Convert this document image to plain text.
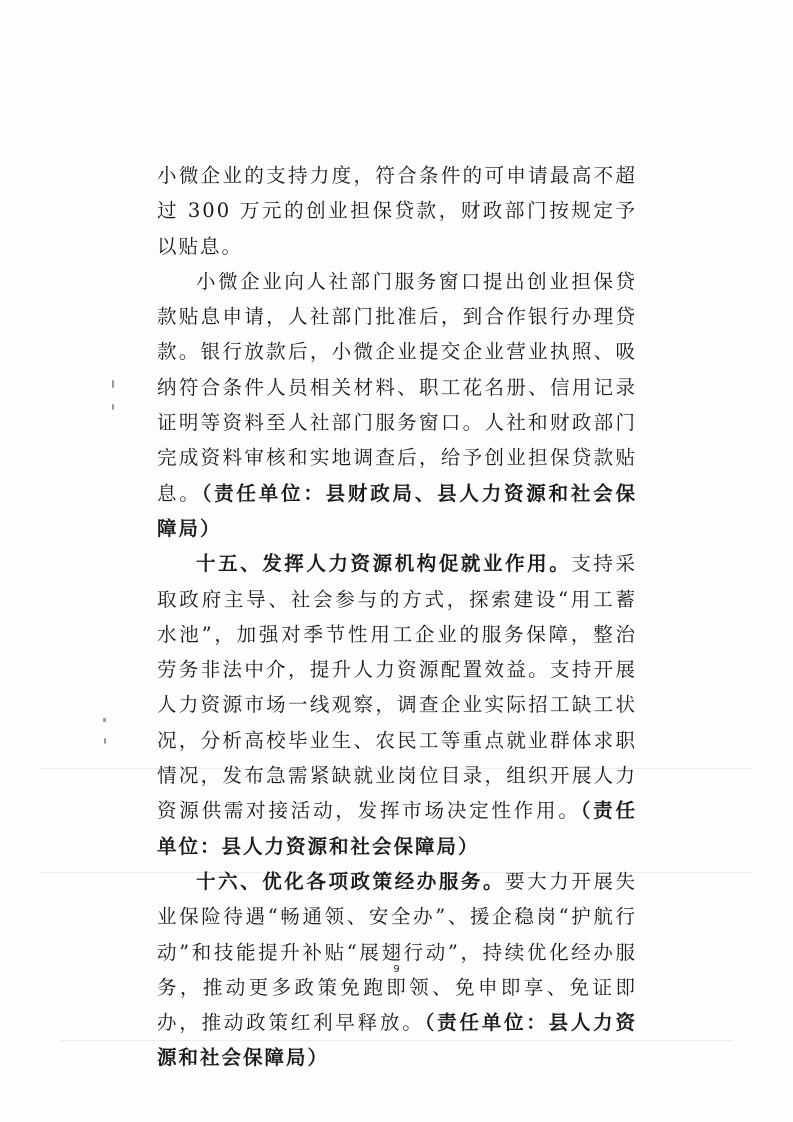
小微企业的支持力度，符合条件的可申请最高不超过 300 万元的创业担保贷款，财政部门按规定予以贴息。

小微企业向人社部门服务窗口提出创业担保贷款贴息申请，人社部门批准后，到合作银行办理贷款。银行放款后，小微企业提交企业营业执照、吸纳符合条件人员相关材料、职工花名册、信用记录证明等资料至人社部门服务窗口。人社和财政部门完成资料审核和实地调查后，给予创业担保贷款贴息。（责任单位：县财政局、县人力资源和社会保障局）

十五、发挥人力资源机构促就业作用。支持采取政府主导、社会参与的方式，探索建设“用工蓄水池”，加强对季节性用工企业的服务保障，整治劳务非法中介，提升人力资源配置效益。支持开展人力资源市场一线观察，调查企业实际招工缺工状况，分析高校毕业生、农民工等重点就业群体求职情况，发布急需紧缺就业岗位目录，组织开展人力资源供需对接活动，发挥市场决定性作用。（责任单位：县人力资源和社会保障局）

十六、优化各项政策经办服务。要大力开展失业保险待遇“畅通领、安全办”、援企稳岗“护航行动”和技能提升补贴“展翅行动”，持续优化经办服务，推动更多政策免跑即领、免申即享、免证即办，推动政策红利早释放。（责任单位：县人力资源和社会保障局）

9
